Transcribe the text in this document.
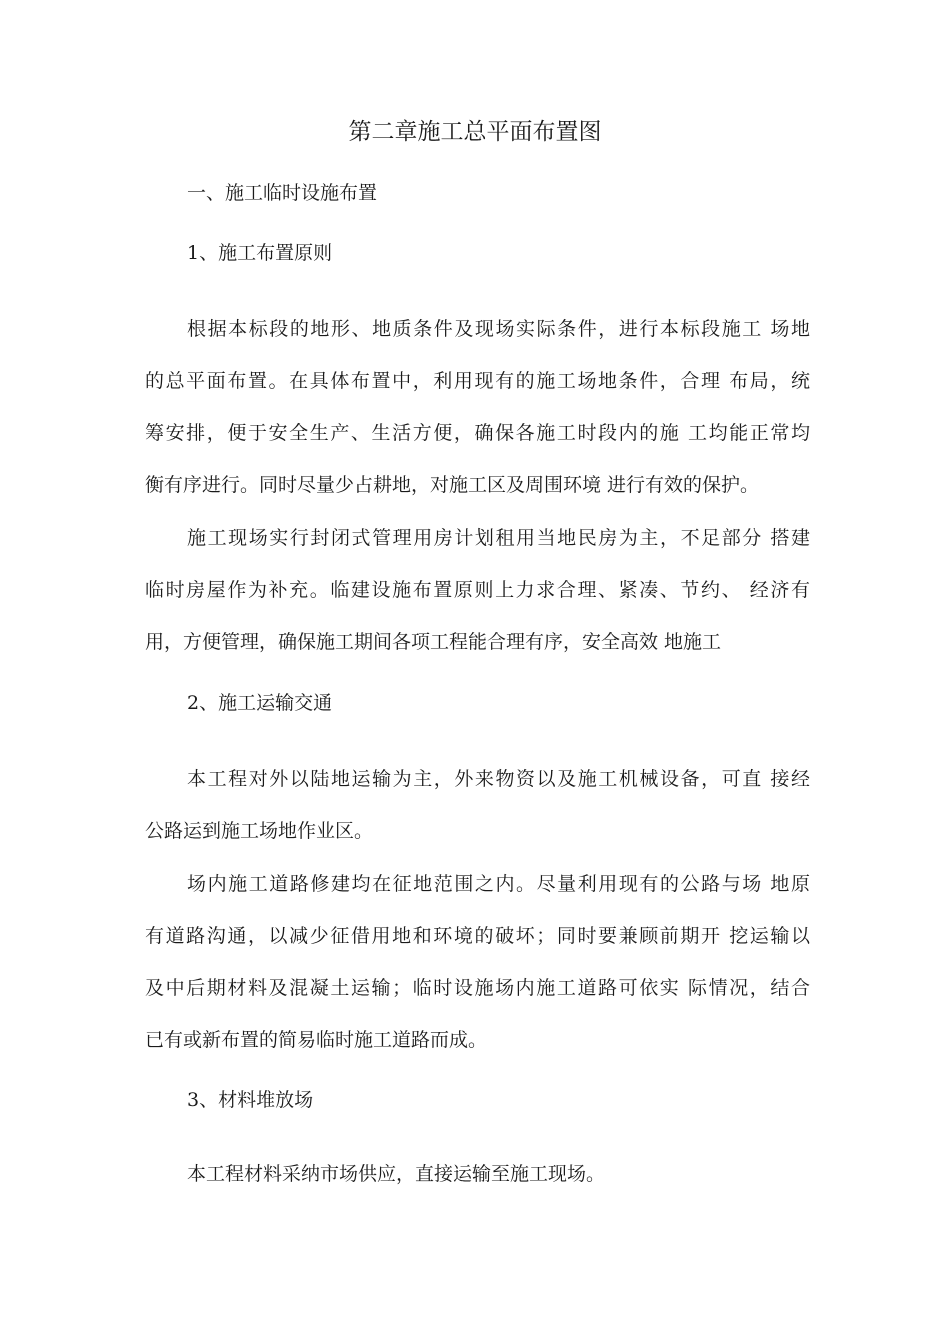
第二章施工总平面布置图
一、施工临时设施布置
1、施工布置原则
根据本标段的地形、地质条件及现场实际条件，进行本标段施工 场地
的总平面布置。在具体布置中，利用现有的施工场地条件，合理 布局，统
筹安排，便于安全生产、生活方便，确保各施工时段内的施 工均能正常均
衡有序进行。同时尽量少占耕地，对施工区及周围环境 进行有效的保护。
施工现场实行封闭式管理用房计划租用当地民房为主，不足部分 搭建
临时房屋作为补充。临建设施布置原则上力求合理、紧凑、节约、 经济有
用，方便管理，确保施工期间各项工程能合理有序，安全高效 地施工
2、施工运输交通
本工程对外以陆地运输为主，外来物资以及施工机械设备，可直 接经
公路运到施工场地作业区。
场内施工道路修建均在征地范围之内。尽量利用现有的公路与场 地原
有道路沟通，以减少征借用地和环境的破坏；同时要兼顾前期开 挖运输以
及中后期材料及混凝土运输；临时设施场内施工道路可依实 际情况，结合
已有或新布置的简易临时施工道路而成。
3、材料堆放场
本工程材料采纳市场供应，直接运输至施工现场。
